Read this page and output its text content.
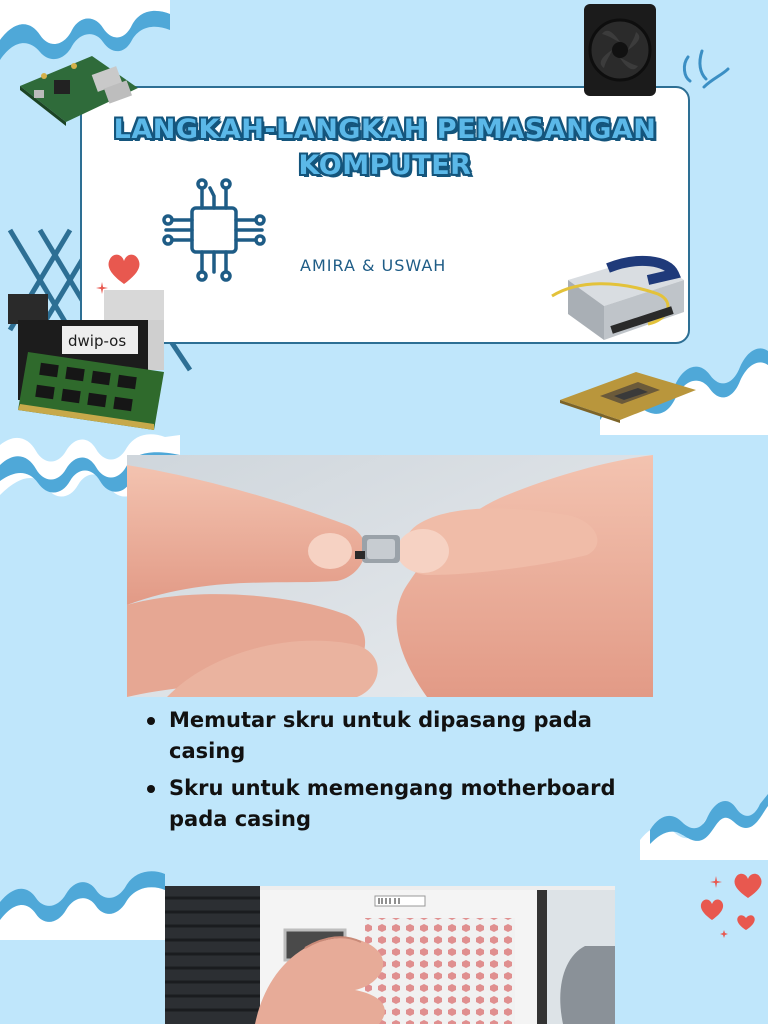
LANGKAH-LANGKAH PEMASANGAN
KOMPUTER
AMIRA & USWAH
dwip-os
Memutar skru untuk dipasang pada casing
Skru untuk memengang motherboard pada casing
